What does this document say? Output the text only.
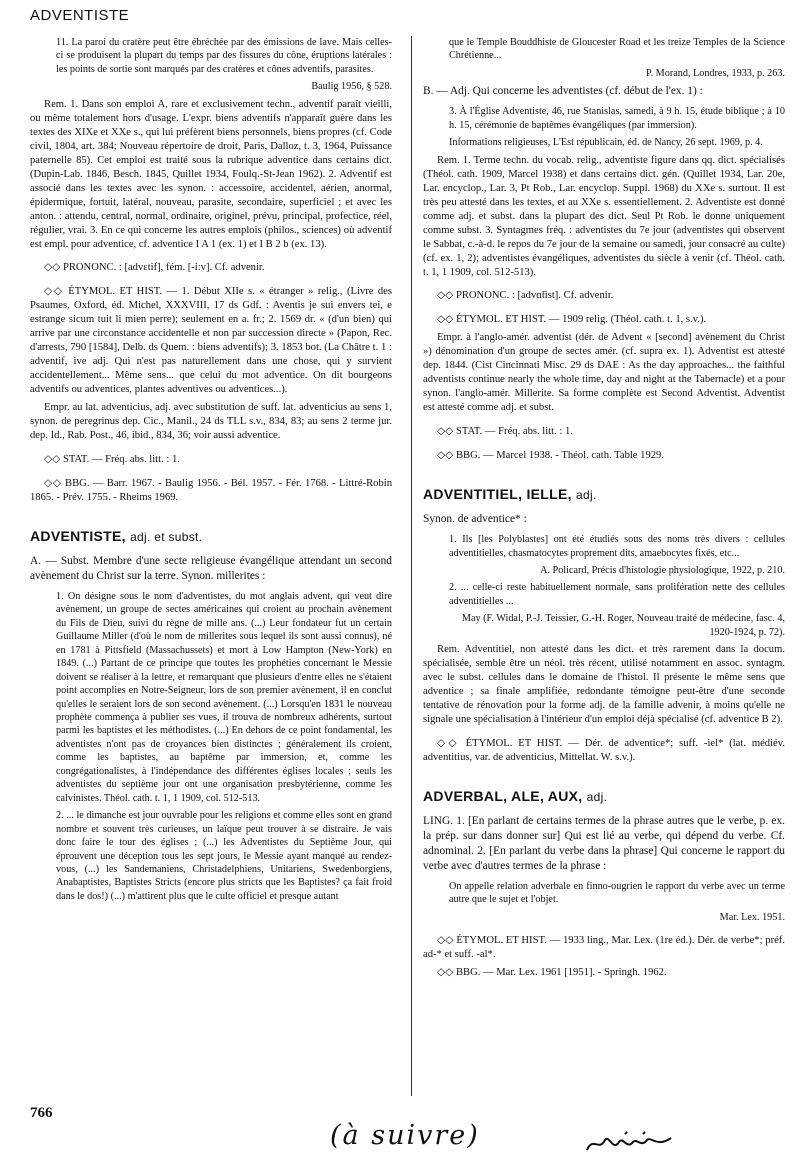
ADVENTISTE

11. La paroi du cratère peut être ébréchée par des émissions de lave. Mais celles-ci se produisent la plupart du temps par des fissures du cône, éruptions latérales : les points de sortie sont marqués par des cratères et cônes adventifs, parasites.

Baulig 1956, § 528.

Rem. 1. Dans son emploi A, rare et exclusivement techn., adventif paraît vieilli, ou même totalement hors d'usage. L'expr. biens adventifs n'apparaît guère dans les textes des XIXe et XXe s., qui lui préfèrent biens personnels, biens propres (cf. Code civil, 1804, art. 384; Nouveau répertoire de droit, Paris, Dalloz, t. 3, 1964, Puissance paternelle 85). Cet emploi est traité sous la rubrique adventice dans certains dict. (Dupin-Lab. 1846, Besch. 1845, Quillet 1934, Foulq.-St-Jean 1962). 2. Adventif est associé dans les textes avec les synon. : accessoire, accidentel, aérien, anormal, épidermique, fortuit, latéral, nouveau, parasite, secondaire, superficiel ; et avec les anton. : attendu, central, normal, ordinaire, originel, prévu, principal, profectice, réel, régulier, vrai. 3. En ce qui concerne les autres emplois (philos., sciences) où adventif est empl. pour adventice, cf. adventice I A 1 (ex. 1) et I B 2 b (ex. 13).

◇◇ PRONONC. : [advɛtif], fém. [-i:v]. Cf. advenir.

◇◇ ÉTYMOL. ET HIST. — 1. Début XIIe s. « étranger » relig., (Livre des Psaumes, Oxford, éd. Michel, XXXVIII, 17 ds Gdf. : Aventis je sui envers tei, e estrange sicum tuit li mien perre); seulement en a. fr.; 2. 1569 dr. « (d'un bien) qui arrive par une circonstance accidentelle et non par succession directe » (Papon, Rec. d'arrests, 790 [1584], Delb. ds Quem. : biens adventifs); 3. 1853 bot. (La Châtre t. 1 : adventif, ive adj. Qui n'est pas naturellement dans une chose, qui y survient accidentellement... Même sens... que celui du mot adventice. On dit bourgeons adventifs ou adventices, plantes adventives ou adventices...).

Empr. au lat. adventicius, adj. avec substitution de suff. lat. adventicius au sens 1, synon. de peregrinus dep. Cic., Manil., 24 ds TLL s.v., 834, 83; au sens 2 terme jur. dep. Id., Rab. Post., 46, ibid., 834, 36; voir aussi adventice.

◇◇ STAT. — Fréq. abs. litt. : 1.

◇◇ BBG. — Barr. 1967. - Baulig 1956. - Bél. 1957. - Fér. 1768. - Littré-Robin 1865. - Prév. 1755. - Rheims 1969.

ADVENTISTE, adj. et subst.

A. — Subst. Membre d'une secte religieuse évangélique attendant un second avènement du Christ sur la terre. Synon. millerites :

1. On désigne sous le nom d'adventistes, du mot anglais advent, qui veut dire avènement, un groupe de sectes américaines qui croient au prochain avènement du Fils de Dieu, suivi du règne de mille ans. (...) Leur fondateur fut un certain Guillaume Miller (d'où le nom de millerites sous lequel ils sont aussi connus), né en 1781 à Pittsfield (Massachussets) et mort à Low Hampton (New-York) en 1849. (...) Partant de ce principe que toutes les prophéties concernant le Messie doivent se réaliser à la lettre, et remarquant que plusieurs d'entre elles ne s'étaient point accomplies en Notre-Seigneur, lors de son premier avènement, il en conclut qu'elles le seraient lors de son second avènement. (...) Lorsqu'en 1831 le nouveau prophète commença à publier ses vues, il trouva de nombreux adhérents, surtout parmi les baptistes et les méthodistes. (...) En dehors de ce point fondamental, les adventistes n'ont pas de croyances bien distinctes ; généralement ils croient, comme les baptistes, au baptême par immersion, et, comme les congrégationalistes, à l'indépendance des différentes églises locales ; seuls les adventistes du septième jour ont une organisation presbytérienne, comme les calvinistes. Théol. cath. t. 1, 1 1909, col. 512-513.

2. ... le dimanche est jour ouvrable pour les religions et comme elles sont en grand nombre et souvent très curieuses, un laïque peut trouver à se distraire. Je vais donc faire le tour des églises ; (...) les Adventistes du Septième Jour, qui éprouvent une déception tous les sept jours, le Messie ayant manqué au rendez-vous, (...) les Sandemaniens, Christadelphiens, Unitariens, Swedenborgiens, Anabaptistes, Baptistes Stricts (encore plus stricts que les Baptistes? ça fait froid dans le dos!) (...) m'attirent plus que le culte officiel et presque autant

que le Temple Bouddhiste de Gloucester Road et les treize Temples de la Science Chrétienne...

P. Morand, Londres, 1933, p. 263.

B. — Adj. Qui concerne les adventistes (cf. début de l'ex. 1) :

3. À l'Église Adventiste, 46, rue Stanislas, samedi, à 9 h. 15, étude biblique ; à 10 h. 15, cérémonie de baptêmes évangéliques (par immersion).

Informations religieuses, L'Est républicain, éd. de Nancy, 26 sept. 1969, p. 4.

Rem. 1. Terme techn. du vocab. relig., adventiste figure dans qq. dict. spécialisés (Théol. cath. 1909, Marcel 1938) et dans certains dict. gén. (Quillet 1934, Lar. 20e, Lar. encyclop., Lar. 3, Pt Rob., Lar. encyclop. Suppl. 1968) du XXe s. surtout. Il est très peu attesté dans les textes, et au XXe s. essentiellement. 2. Adventiste est donné comme adj. et subst. dans la plupart des dict. Seul Pt Rob. le donne uniquement comme subst. 3. Syntagmes fréq. : adventistes du 7e jour (adventistes qui observent le Sabbat, c.-à-d. le repos du 7e jour de la semaine ou samedi, jour consacré au culte) (cf. ex. 1, 2); adventistes évangéliques, adventistes du siècle à venir (cf. Théol. cath. t. 1, 1 1909, col. 512-513).

◇◇ PRONONC. : [advɑ̃tist]. Cf. advenir.

◇◇ ÉTYMOL. ET HIST. — 1909 relig. (Théol. cath. t. 1, s.v.).

Empr. à l'anglo-amér. adventist (dér. de Advent « [second] avènement du Christ ») dénomination d'un groupe de sectes amér. (cf. supra ex. 1). Adventist est attesté dep. 1844. (Cist Cincinnati Misc. 29 ds DAE : As the day approaches... the faithful adventists continue nearly the whole time, day and night at the Tabernacle) et a pour synon. l'anglo-amér. Millerite. Sa forme complète est Second Adventist. Adventist est attesté comme adj. et subst.

◇◇ STAT. — Fréq. abs. litt. : 1.

◇◇ BBG. — Marcel 1938. - Théol. cath. Table 1929.

ADVENTITIEL, IELLE, adj.

Synon. de adventice* :

1. Ils [les Polyblastes] ont été étudiés sous des noms très divers : cellules adventitielles, chasmatocytes proprement dits, amaebocytes fixés, etc...

A. Policard, Précis d'histologie physiologique, 1922, p. 210.

2. ... celle-ci reste habituellement normale, sans prolifération nette des cellules adventitielles ...

May (F. Widal, P.-J. Teissier, G.-H. Roger, Nouveau traité de médecine, fasc. 4, 1920-1924, p. 72).

Rem. Adventitiel, non attesté dans les dict. et très rarement dans la docum. spécialisée, semble être un néol. très récent, utilisé notamment en assoc. syntagm. avec le subst. cellules dans le domaine de l'histol. Il présente le même sens que adventice ; sa finale amplifiée, redondante témoigne peut-être d'une seconde tentative de rénovation pour la forme adj. de la famille advenir, à moins qu'elle ne signale une spécialisation à l'intérieur d'un emploi déjà spécialisé (cf. adventice B 2).

◇◇ ÉTYMOL. ET HIST. — Dér. de adventice*; suff. -iel* (lat. médiév. adventitius, var. de adventicius, Mittellat. W. s.v.).

ADVERBAL, ALE, AUX, adj.

LING. 1. [En parlant de certains termes de la phrase autres que le verbe, p. ex. la prép. sur dans donner sur] Qui est lié au verbe, qui dépend du verbe. Cf. adnominal. 2. [En parlant du verbe dans la phrase] Qui concerne le rapport du verbe avec d'autres termes de la phrase :

On appelle relation adverbale en finno-ougrien le rapport du verbe avec un terme autre que le sujet et l'objet.

Mar. Lex. 1951.

◇◇ ÉTYMOL. ET HIST. — 1933 ling., Mar. Lex. (1re éd.). Dér. de verbe*; préf. ad-* et suff. -al*.

◇◇ BBG. — Mar. Lex. 1961 [1951]. - Springh. 1962.

766
(à suivre)
